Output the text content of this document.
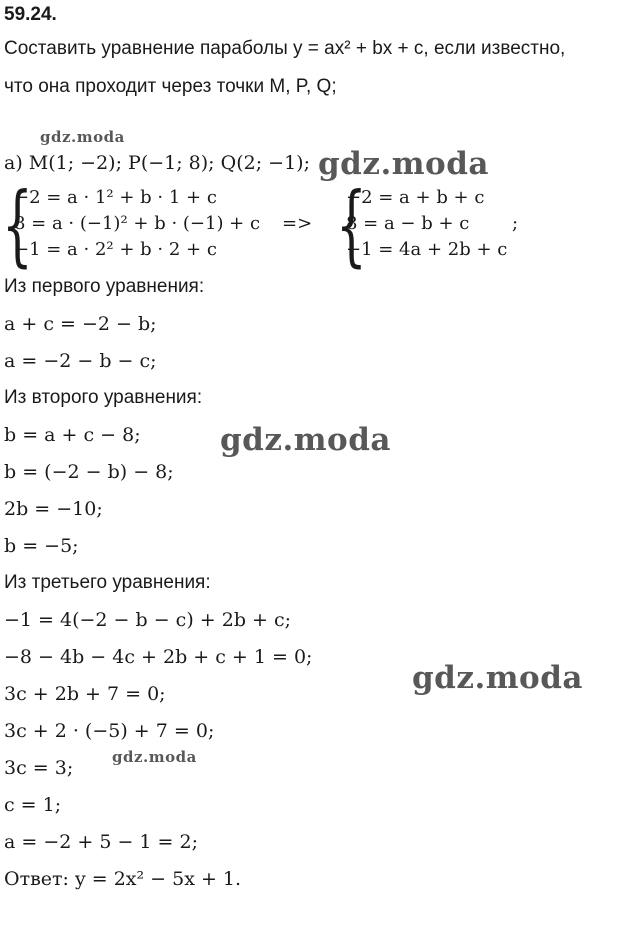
59.24.
Составить уравнение параболы y = ax² + bx + c, если известно,
что она проходит через точки M, P, Q;
gdz.moda
а) M(1; −2); P(−1; 8); Q(2; −1); gdz.moda
{
−2 = a · 1² + b · 1 + c
8 = a · (−1)² + b · (−1) + c
−1 = a · 2² + b · 2 + c
=> {
−2 = a + b + c
8 = a − b + c
−1 = 4a + 2b + c
;
Из первого уравнения:
a + c = −2 − b;
a = −2 − b − c;
Из второго уравнения:
b = a + c − 8;	gdz.moda
b = (−2 − b) − 8;
2b = −10;
b = −5;
Из третьего уравнения:
−1 = 4(−2 − b − c) + 2b + c;
−8 − 4b − 4c + 2b + c + 1 = 0;
gdz.moda
3c + 2b + 7 = 0;
3c + 2 · (−5) + 7 = 0;
gdz.moda
3c = 3;
c = 1;
a = −2 + 5 − 1 = 2;
Ответ: y = 2x² − 5x + 1.
